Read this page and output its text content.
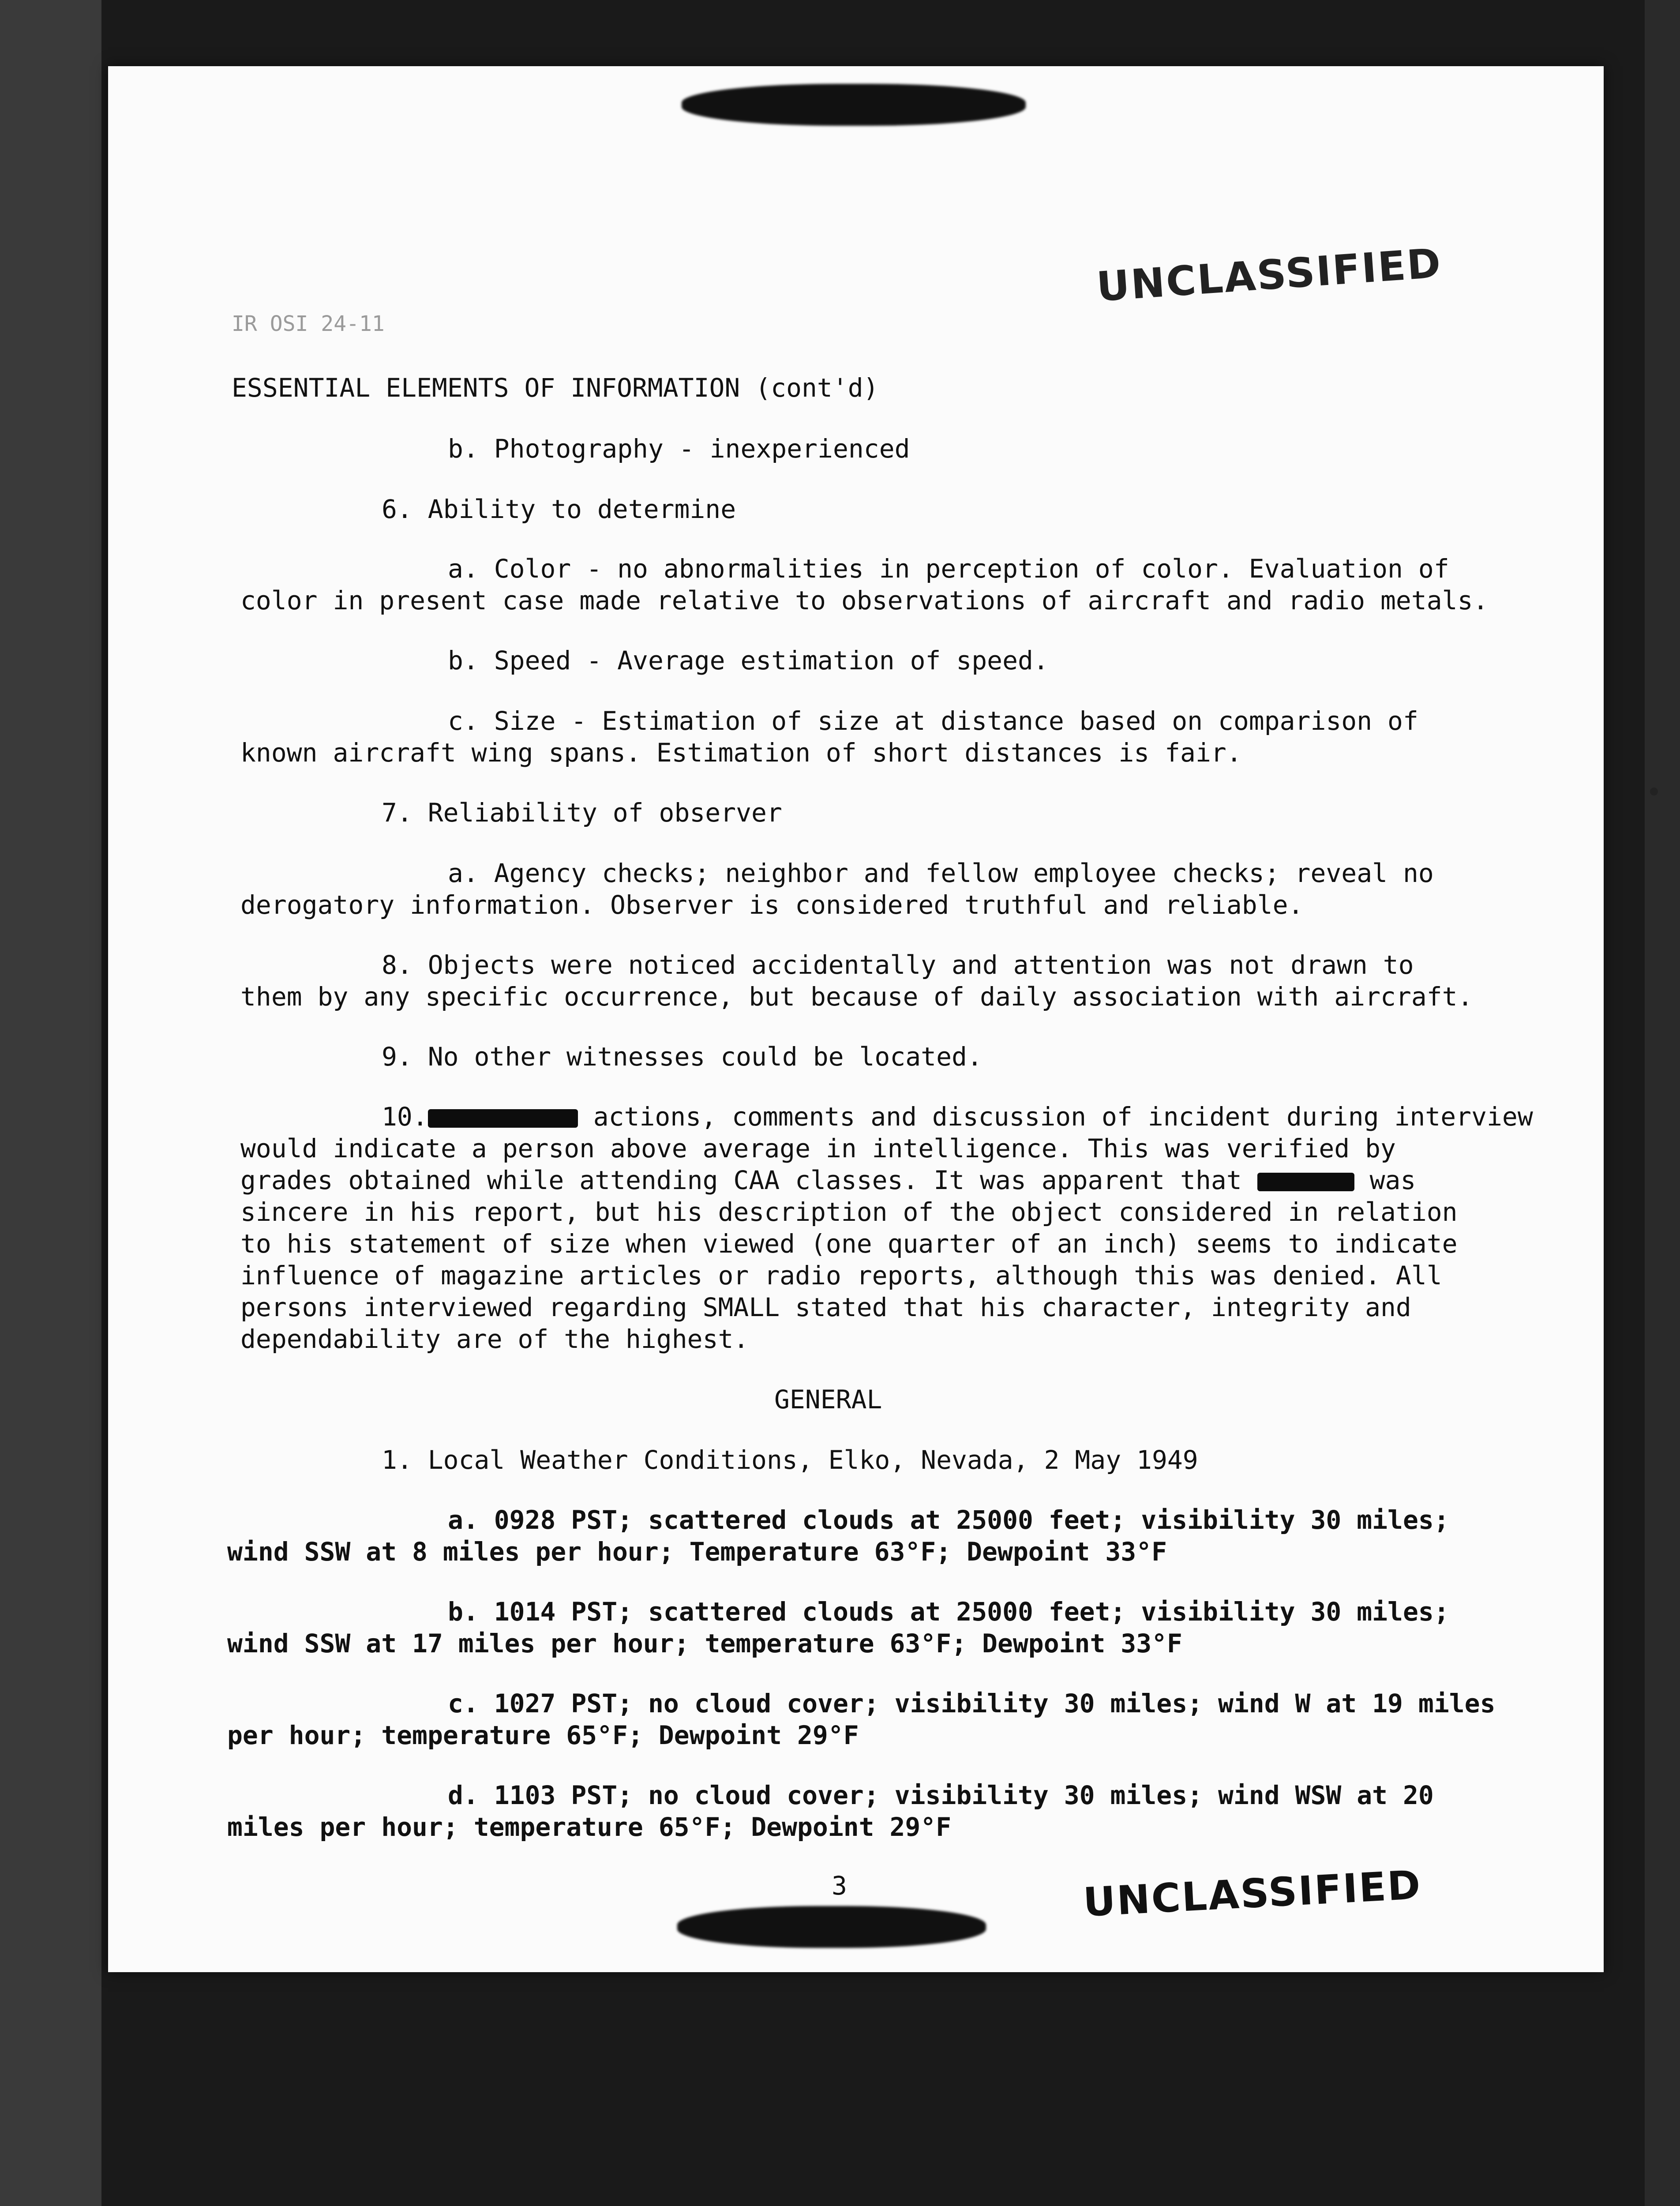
UNCLASSIFIED
IR OSI 24-11
ESSENTIAL ELEMENTS OF INFORMATION (cont'd)
b. Photography - inexperienced
6. Ability to determine
a. Color - no abnormalities in perception of color. Evaluation of
color in present case made relative to observations of aircraft and radio metals.
b. Speed - Average estimation of speed.
c. Size - Estimation of size at distance based on comparison of
known aircraft wing spans. Estimation of short distances is fair.
7. Reliability of observer
a. Agency checks; neighbor and fellow employee checks; reveal no
derogatory information. Observer is considered truthful and reliable.
8. Objects were noticed accidentally and attention was not drawn to
them by any specific occurrence, but because of daily association with aircraft.
9. No other witnesses could be located.
10.	actions, comments and discussion of incident during interview
would indicate a person above average in intelligence. This was verified by
grades obtained while attending CAA classes. It was apparent that	was
sincere in his report, but his description of the object considered in relation
to his statement of size when viewed (one quarter of an inch) seems to indicate
influence of magazine articles or radio reports, although this was denied. All
persons interviewed regarding SMALL stated that his character, integrity and
dependability are of the highest.
GENERAL
1. Local Weather Conditions, Elko, Nevada, 2 May 1949
a. 0928 PST; scattered clouds at 25000 feet; visibility 30 miles;
wind SSW at 8 miles per hour; Temperature 63°F; Dewpoint 33°F
b. 1014 PST; scattered clouds at 25000 feet; visibility 30 miles;
wind SSW at 17 miles per hour; temperature 63°F; Dewpoint 33°F
c. 1027 PST; no cloud cover; visibility 30 miles; wind W at 19 miles
per hour; temperature 65°F; Dewpoint 29°F
d. 1103 PST; no cloud cover; visibility 30 miles; wind WSW at 20
miles per hour; temperature 65°F; Dewpoint 29°F
3	UNCLASSIFIED
